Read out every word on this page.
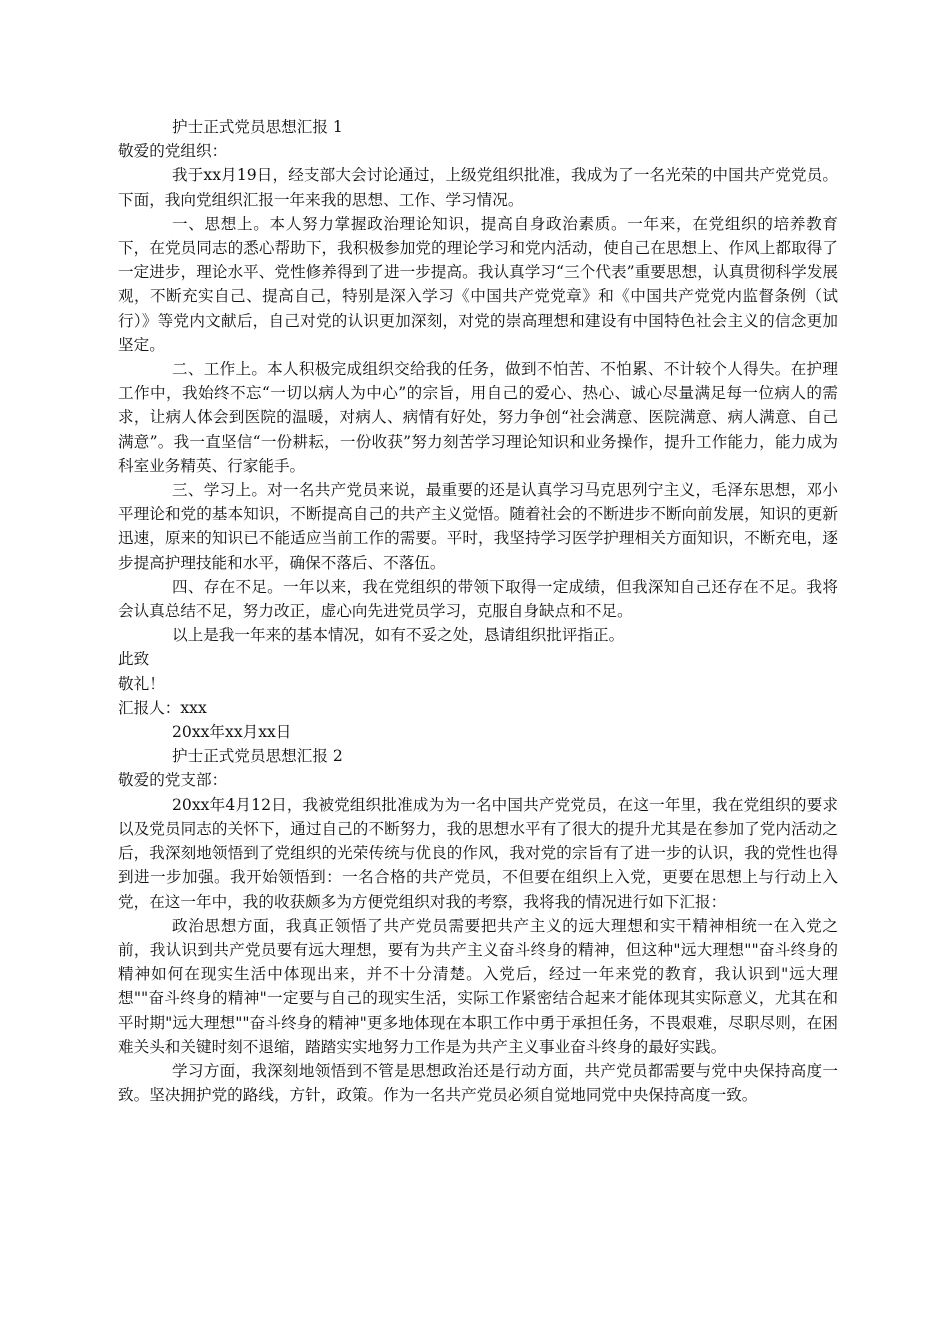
护士正式党员思想汇报 1
敬爱的党组织：
我于xx月19日，经支部大会讨论通过，上级党组织批准，我成为了一名光荣的中国共产党党员。下面，我向党组织汇报一年来我的思想、工作、学习情况。
一、思想上。本人努力掌握政治理论知识，提高自身政治素质。一年来，在党组织的培养教育下，在党员同志的悉心帮助下，我积极参加党的理论学习和党内活动，使自己在思想上、作风上都取得了一定进步，理论水平、党性修养得到了进一步提高。我认真学习“三个代表”重要思想，认真贯彻科学发展观，不断充实自己、提高自己，特别是深入学习《中国共产党党章》和《中国共产党党内监督条例（试行）》等党内文献后，自己对党的认识更加深刻，对党的崇高理想和建设有中国特色社会主义的信念更加坚定。
二、工作上。本人积极完成组织交给我的任务，做到不怕苦、不怕累、不计较个人得失。在护理工作中，我始终不忘“一切以病人为中心”的宗旨，用自己的爱心、热心、诚心尽量满足每一位病人的需求，让病人体会到医院的温暖，对病人、病情有好处，努力争创“社会满意、医院满意、病人满意、自己满意”。我一直坚信“一份耕耘，一份收获”努力刻苦学习理论知识和业务操作，提升工作能力，能力成为科室业务精英、行家能手。
三、学习上。对一名共产党员来说，最重要的还是认真学习马克思列宁主义，毛泽东思想，邓小平理论和党的基本知识，不断提高自己的共产主义觉悟。随着社会的不断进步不断向前发展，知识的更新迅速，原来的知识已不能适应当前工作的需要。平时，我坚持学习医学护理相关方面知识，不断充电，逐步提高护理技能和水平，确保不落后、不落伍。
四、存在不足。一年以来，我在党组织的带领下取得一定成绩，但我深知自己还存在不足。我将会认真总结不足，努力改正，虚心向先进党员学习，克服自身缺点和不足。
以上是我一年来的基本情况，如有不妥之处，恳请组织批评指正。
此致
敬礼！
汇报人：xxx
20xx年xx月xx日
护士正式党员思想汇报 2
敬爱的党支部：
20xx年4月12日，我被党组织批准成为为一名中国共产党党员，在这一年里，我在党组织的要求以及党员同志的关怀下，通过自己的不断努力，我的思想水平有了很大的提升尤其是在参加了党内活动之后，我深刻地领悟到了党组织的光荣传统与优良的作风，我对党的宗旨有了进一步的认识，我的党性也得到进一步加强。我开始领悟到：一名合格的共产党员，不但要在组织上入党，更要在思想上与行动上入党，在这一年中，我的收获颇多为方便党组织对我的考察，我将我的情况进行如下汇报：
政治思想方面，我真正领悟了共产党员需要把共产主义的远大理想和实干精神相统一在入党之前，我认识到共产党员要有远大理想，要有为共产主义奋斗终身的精神，但这种"远大理想""奋斗终身的精神如何在现实生活中体现出来，并不十分清楚。入党后，经过一年来党的教育，我认识到"远大理想""奋斗终身的精神"一定要与自己的现实生活，实际工作紧密结合起来才能体现其实际意义，尤其在和平时期"远大理想""奋斗终身的精神"更多地体现在本职工作中勇于承担任务，不畏艰难，尽职尽则，在困难关头和关键时刻不退缩，踏踏实实地努力工作是为共产主义事业奋斗终身的最好实践。
学习方面，我深刻地领悟到不管是思想政治还是行动方面，共产党员都需要与党中央保持高度一致。坚决拥护党的路线，方针，政策。作为一名共产党员必须自觉地同党中央保持高度一致。
